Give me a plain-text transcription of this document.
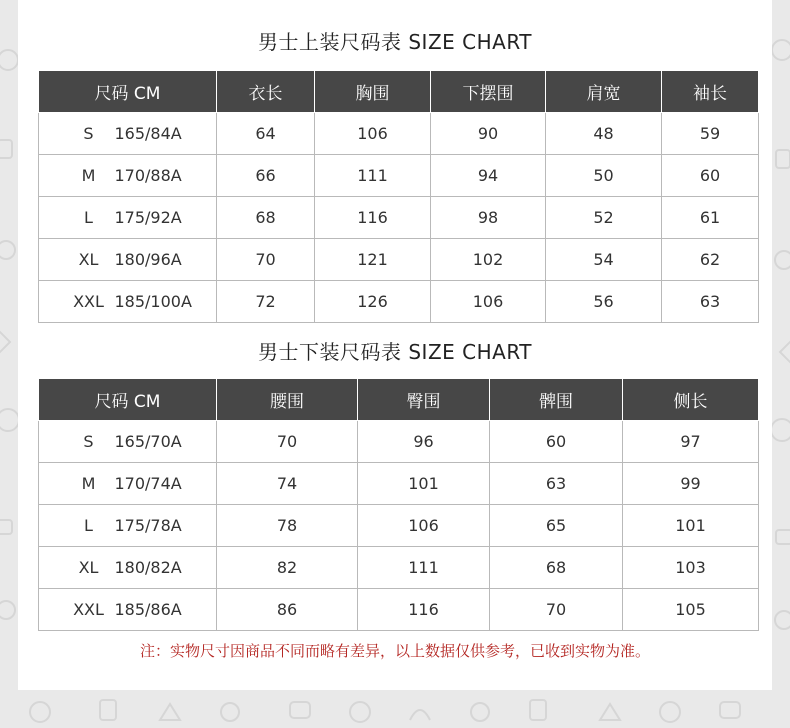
男士上装尺码表 SIZE CHART
尺码 CM	衣长	胸围	下摆围	肩宽	袖长
S 165/84A	64	106	90	48	59
M 170/88A	66	111	94	50	60
L 175/92A	68	116	98	52	61
XL 180/96A	70	121	102	54	62
XXL 185/100A	72	126	106	56	63
男士下装尺码表 SIZE CHART
尺码 CM	腰围	臀围	髀围	侧长
S 165/70A	70	96	60	97
M 170/74A	74	101	63	99
L 175/78A	78	106	65	101
XL 180/82A	82	111	68	103
XXL 185/86A	86	116	70	105
注：实物尺寸因商品不同而略有差异，以上数据仅供参考，已收到实物为准。
